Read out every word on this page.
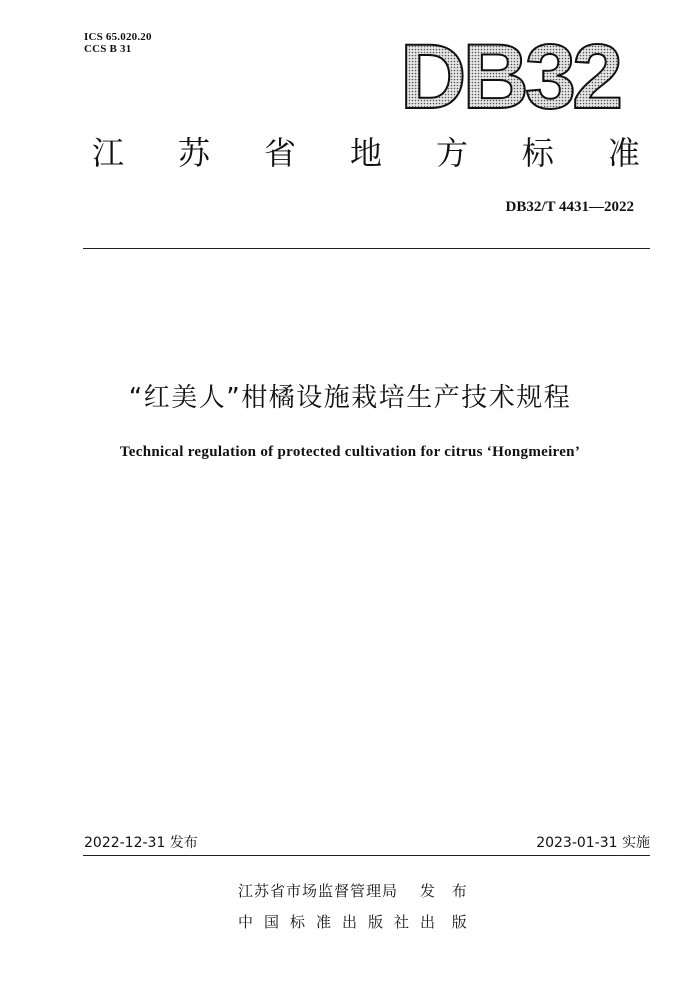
ICS 65.020.20
CCS B 31	DB32
江 苏 省 地 方 标 准
DB32/T 4431—2022
“红美人”柑橘设施栽培生产技术规程
Technical regulation of protected cultivation for citrus ‘Hongmeiren’
2022-12-31 发布	2023-01-31 实施
江苏省市场监督管理局	发 布
中国标准出版社 出 版
